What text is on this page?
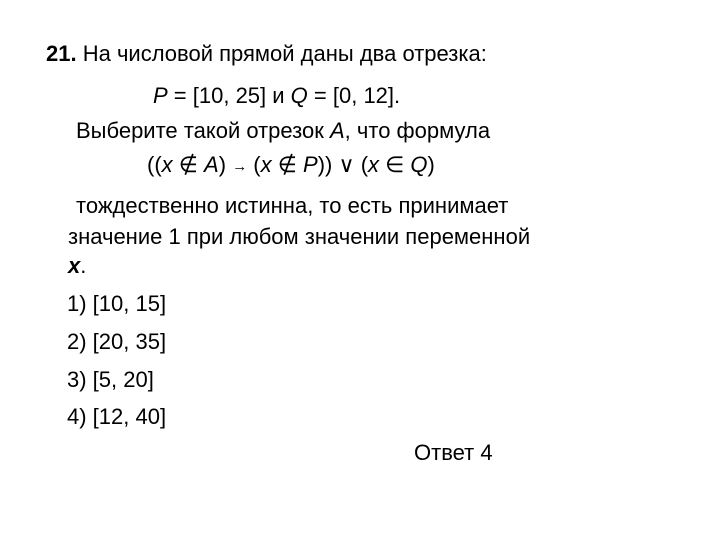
21. На числовой прямой даны два отрезка:
P = [10, 25] и Q = [0, 12].
Выберите такой отрезок A, что формула
((x ∉ A) → (x ∉ P)) ∨ (x ∈ Q)
тождественно истинна, то есть принимает
значение 1 при любом значении переменной
x.
1) [10, 15]
2) [20, 35]
3) [5, 20]
4) [12, 40]
Ответ 4
